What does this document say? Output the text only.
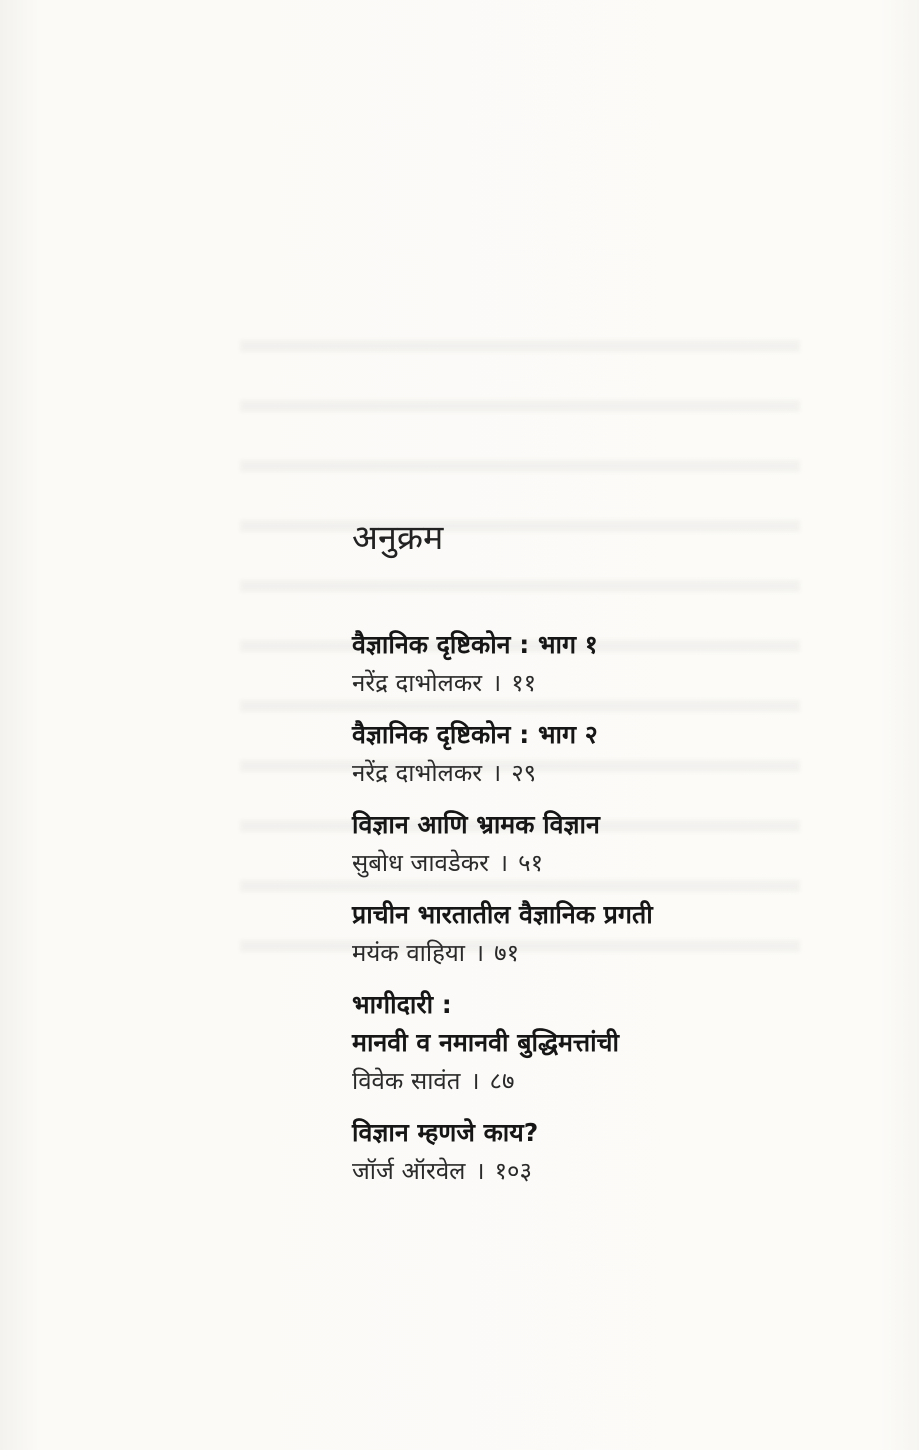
अनुक्रम
वैज्ञानिक दृष्टिकोन : भाग १
नरेंद्र दाभोलकर । ११
वैज्ञानिक दृष्टिकोन : भाग २
नरेंद्र दाभोलकर । २९
विज्ञान आणि भ्रामक विज्ञान
सुबोध जावडेकर । ५१
प्राचीन भारतातील वैज्ञानिक प्रगती
मयंक वाहिया । ७१
भागीदारी :
मानवी व नमानवी बुद्धिमत्तांची
विवेक सावंत । ८७
विज्ञान म्हणजे काय?
जॉर्ज ऑरवेल । १०३
